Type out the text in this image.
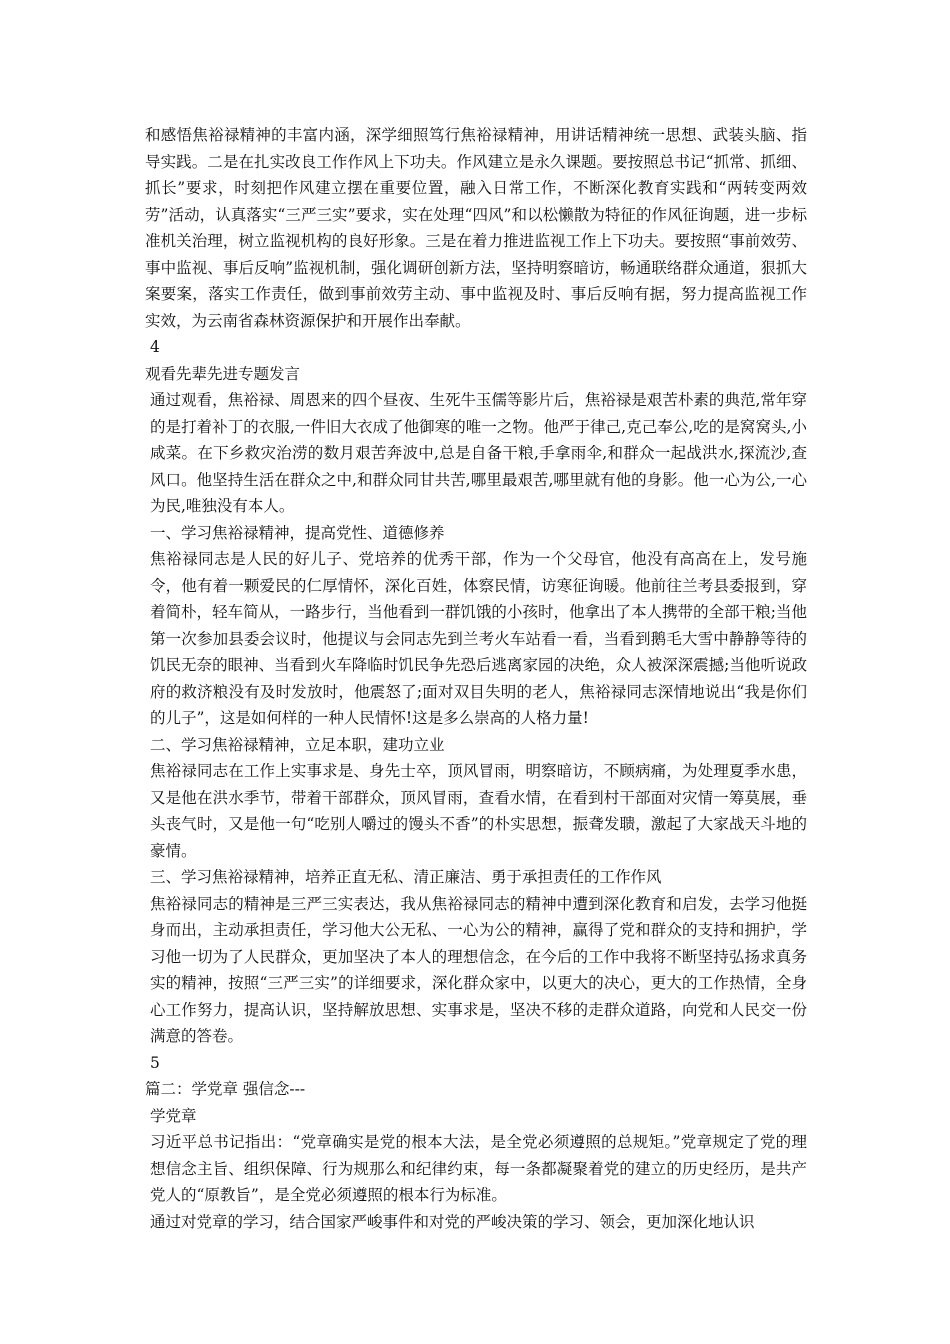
和感悟焦裕禄精神的丰富内涵，深学细照笃行焦裕禄精神，用讲话精神统一思想、武装头脑、指导实践。二是在扎实改良工作作风上下功夫。作风建立是永久课题。要按照总书记“抓常、抓细、抓长”要求，时刻把作风建立摆在重要位置，融入日常工作，不断深化教育实践和“两转变两效劳”活动，认真落实“三严三实”要求，实在处理“四风”和以松懒散为特征的作风征询题，进一步标准机关治理，树立监视机构的良好形象。三是在着力推进监视工作上下功夫。要按照“事前效劳、事中监视、事后反响”监视机制，强化调研创新方法，坚持明察暗访，畅通联络群众通道，狠抓大案要案，落实工作责任，做到事前效劳主动、事中监视及时、事后反响有据，努力提高监视工作实效，为云南省森林资源保护和开展作出奉献。

4

观看先辈先进专题发言

通过观看，焦裕禄、周恩来的四个昼夜、生死牛玉儒等影片后，焦裕禄是艰苦朴素的典范,常年穿的是打着补丁的衣服,一件旧大衣成了他御寒的唯一之物。他严于律己,克己奉公,吃的是窝窝头,小咸菜。在下乡救灾治涝的数月艰苦奔波中,总是自备干粮,手拿雨伞,和群众一起战洪水,探流沙,查风口。他坚持生活在群众之中,和群众同甘共苦,哪里最艰苦,哪里就有他的身影。他一心为公,一心为民,唯独没有本人。

一、学习焦裕禄精神，提高党性、道德修养

焦裕禄同志是人民的好儿子、党培养的优秀干部，作为一个父母官，他没有高高在上，发号施令，他有着一颗爱民的仁厚情怀，深化百姓，体察民情，访寒征询暖。他前往兰考县委报到，穿着简朴，轻车简从，一路步行，当他看到一群饥饿的小孩时，他拿出了本人携带的全部干粮;当他第一次参加县委会议时，他提议与会同志先到兰考火车站看一看，当看到鹅毛大雪中静静等待的饥民无奈的眼神、当看到火车降临时饥民争先恐后逃离家园的决绝，众人被深深震撼;当他听说政府的救济粮没有及时发放时，他震怒了;面对双目失明的老人，焦裕禄同志深情地说出“我是你们的儿子”，这是如何样的一种人民情怀!这是多么崇高的人格力量!

二、学习焦裕禄精神，立足本职，建功立业

焦裕禄同志在工作上实事求是、身先士卒，顶风冒雨，明察暗访，不顾病痛，为处理夏季水患，又是他在洪水季节，带着干部群众，顶风冒雨，查看水情，在看到村干部面对灾情一筹莫展，垂头丧气时，又是他一句“吃别人嚼过的馒头不香”的朴实思想，振聋发聩，激起了大家战天斗地的豪情。

三、学习焦裕禄精神，培养正直无私、清正廉洁、勇于承担责任的工作作风

焦裕禄同志的精神是三严三实表达，我从焦裕禄同志的精神中遭到深化教育和启发，去学习他挺身而出，主动承担责任，学习他大公无私、一心为公的精神，赢得了党和群众的支持和拥护，学习他一切为了人民群众，更加坚决了本人的理想信念，在今后的工作中我将不断坚持弘扬求真务实的精神，按照“三严三实”的详细要求，深化群众家中，以更大的决心，更大的工作热情，全身心工作努力，提高认识，坚持解放思想、实事求是，坚决不移的走群众道路，向党和人民交一份满意的答卷。

5

篇二：学党章 强信念---

学党章

习近平总书记指出：“党章确实是党的根本大法，是全党必须遵照的总规矩。”党章规定了党的理想信念主旨、组织保障、行为规那么和纪律约束，每一条都凝聚着党的建立的历史经历，是共产党人的“原教旨”，是全党必须遵照的根本行为标准。

通过对党章的学习，结合国家严峻事件和对党的严峻决策的学习、领会，更加深化地认识
